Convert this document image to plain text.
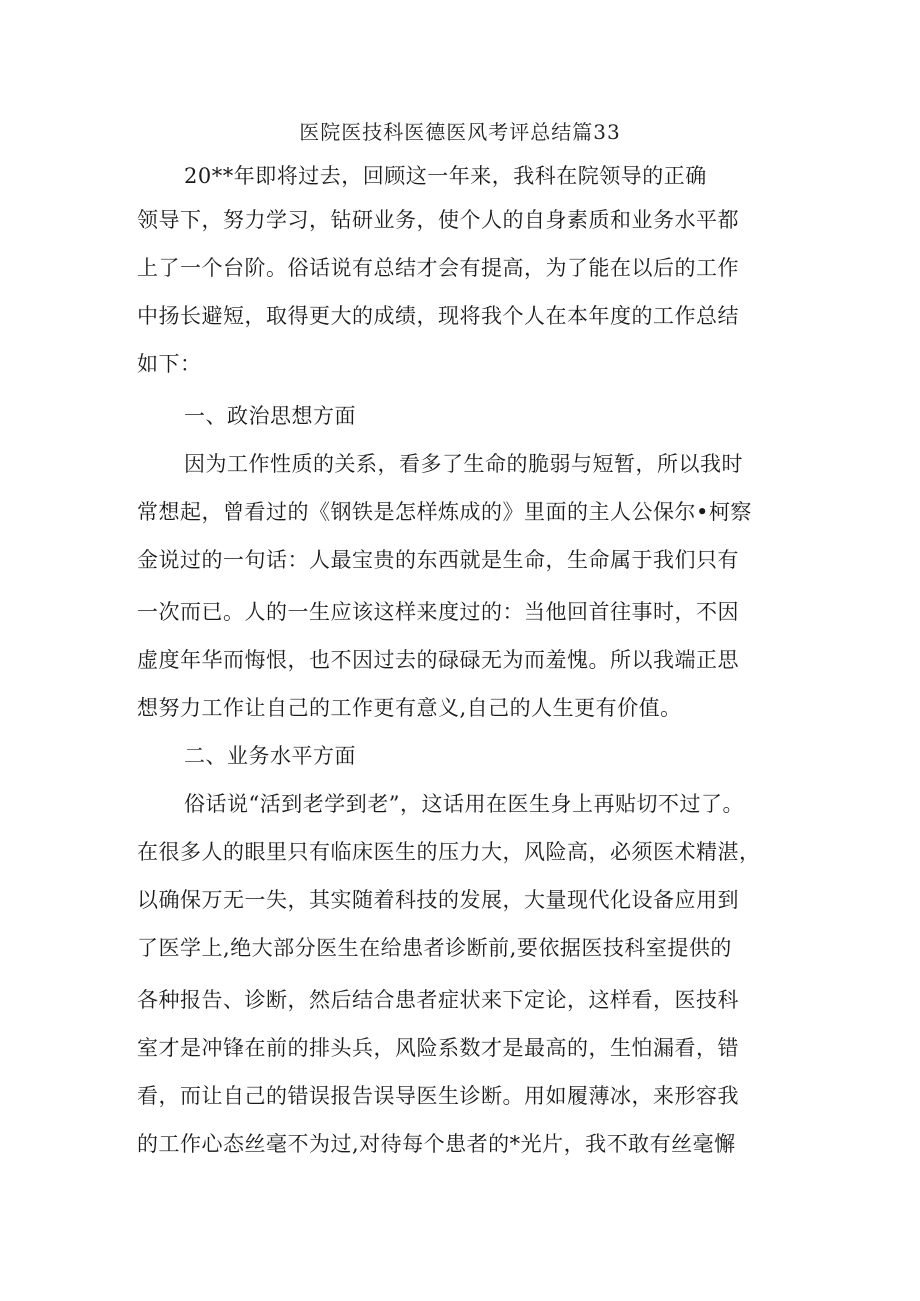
医院医技科医德医风考评总结篇33
20**年即将过去，回顾这一年来，我科在院领导的正确
领导下，努力学习，钻研业务，使个人的自身素质和业务水平都
上了一个台阶。俗话说有总结才会有提高，为了能在以后的工作
中扬长避短，取得更大的成绩，现将我个人在本年度的工作总结
如下：
一、政治思想方面
因为工作性质的关系，看多了生命的脆弱与短暂，所以我时
常想起，曾看过的《钢铁是怎样炼成的》里面的主人公保尔•柯察
金说过的一句话：人最宝贵的东西就是生命，生命属于我们只有
一次而已。人的一生应该这样来度过的：当他回首往事时，不因
虚度年华而悔恨，也不因过去的碌碌无为而羞愧。所以我端正思
想努力工作让自己的工作更有意义,自己的人生更有价值。
二、业务水平方面
俗话说“活到老学到老”，这话用在医生身上再贴切不过了。
在很多人的眼里只有临床医生的压力大，风险高，必须医术精湛，
以确保万无一失，其实随着科技的发展，大量现代化设备应用到
了医学上,绝大部分医生在给患者诊断前,要依据医技科室提供的
各种报告、诊断，然后结合患者症状来下定论，这样看，医技科
室才是冲锋在前的排头兵，风险系数才是最高的，生怕漏看，错
看，而让自己的错误报告误导医生诊断。用如履薄冰，来形容我
的工作心态丝毫不为过,对待每个患者的*光片，我不敢有丝毫懈
